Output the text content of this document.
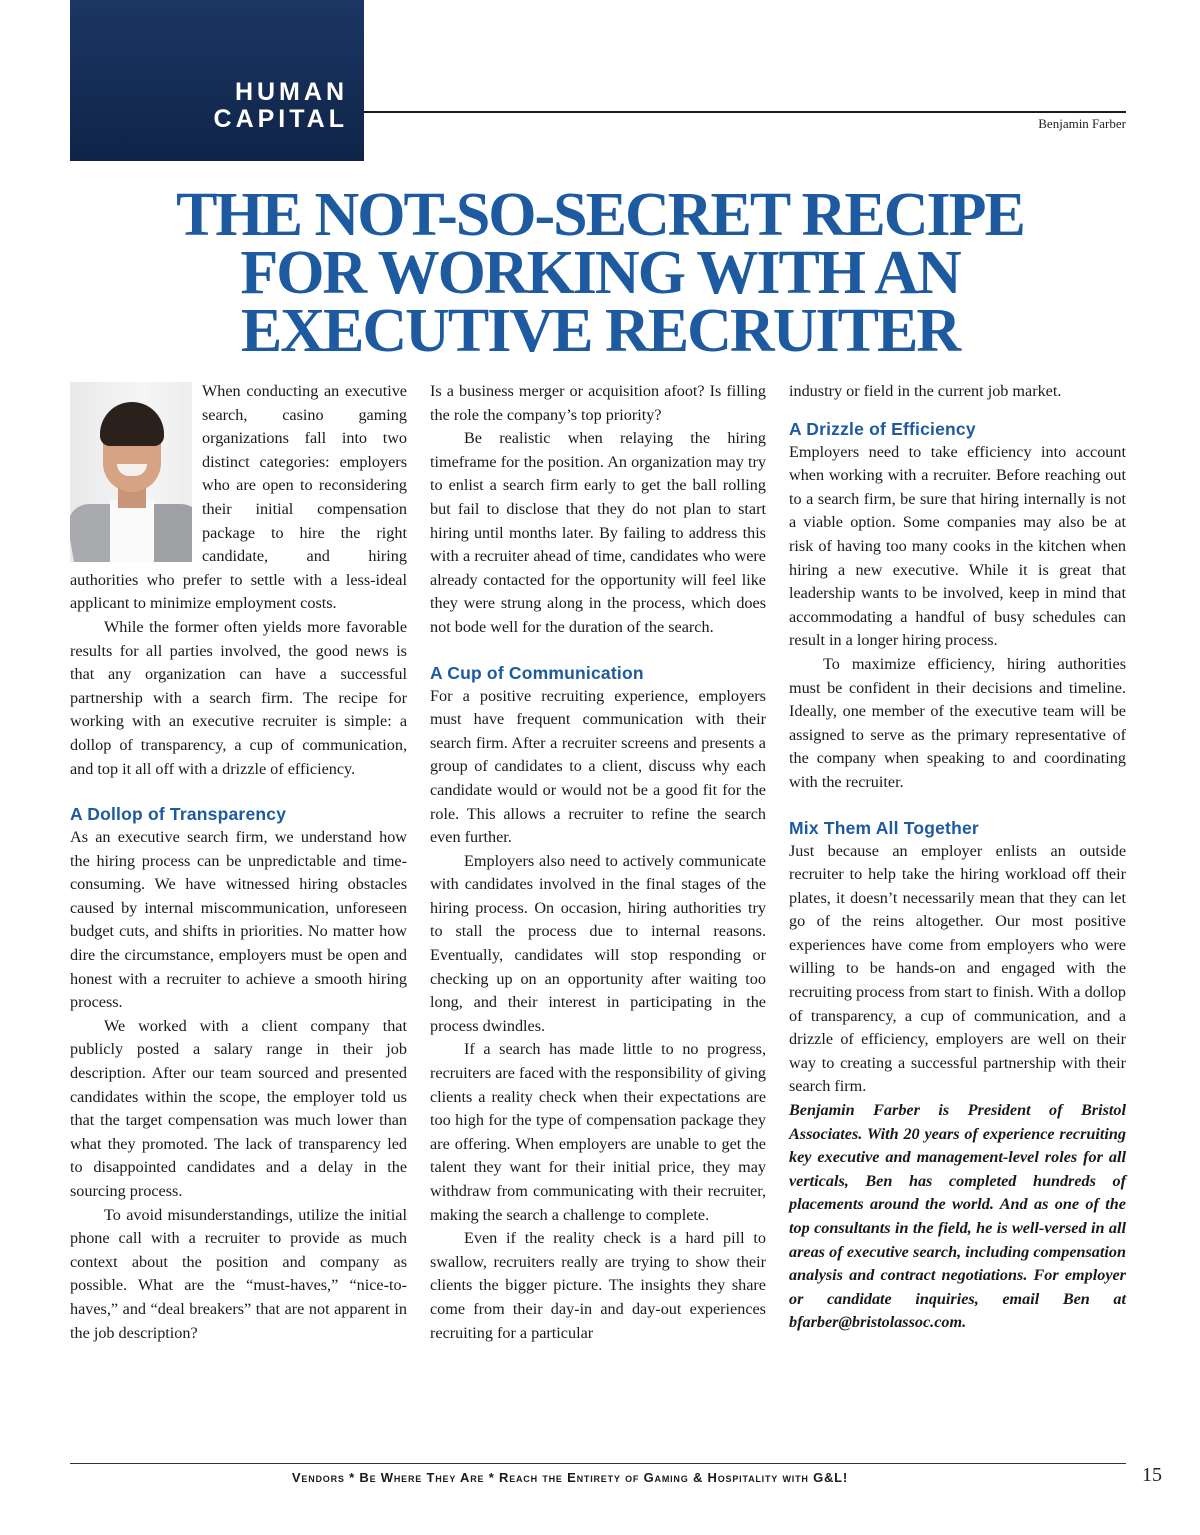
HUMAN
CAPITAL	Benjamin Farber
THE NOT-SO-SECRET RECIPE
FOR WORKING WITH AN
EXECUTIVE RECRUITER

When conducting an executive search, casino gaming organizations fall into two distinct categories: employers who are open to reconsidering their initial compensation package to hire the right candidate, and hiring authorities who prefer to settle with a less-ideal applicant to minimize employment costs.

While the former often yields more favorable results for all parties involved, the good news is that any organization can have a successful partnership with a search firm. The recipe for working with an executive recruiter is simple: a dollop of transparency, a cup of communication, and top it all off with a drizzle of efficiency.

A Dollop of Transparency

As an executive search firm, we understand how the hiring process can be unpredictable and time-consuming. We have witnessed hiring obstacles caused by internal miscommunication, unforeseen budget cuts, and shifts in priorities. No matter how dire the circumstance, employers must be open and honest with a recruiter to achieve a smooth hiring process.

We worked with a client company that publicly posted a salary range in their job description. After our team sourced and presented candidates within the scope, the employer told us that the target compensation was much lower than what they promoted. The lack of transparency led to disappointed candidates and a delay in the sourcing process.

To avoid misunderstandings, utilize the initial phone call with a recruiter to provide as much context about the position and company as possible. What are the “must-haves,” “nice-to-haves,” and “deal breakers” that are not apparent in the job description?

Is a business merger or acquisition afoot? Is filling the role the company’s top priority?

Be realistic when relaying the hiring timeframe for the position. An organization may try to enlist a search firm early to get the ball rolling but fail to disclose that they do not plan to start hiring until months later. By failing to address this with a recruiter ahead of time, candidates who were already contacted for the opportunity will feel like they were strung along in the process, which does not bode well for the duration of the search.

A Cup of Communication

For a positive recruiting experience, employers must have frequent communication with their search firm. After a recruiter screens and presents a group of candidates to a client, discuss why each candidate would or would not be a good fit for the role. This allows a recruiter to refine the search even further.

Employers also need to actively communicate with candidates involved in the final stages of the hiring process. On occasion, hiring authorities try to stall the process due to internal reasons. Eventually, candidates will stop responding or checking up on an opportunity after waiting too long, and their interest in participating in the process dwindles.

If a search has made little to no progress, recruiters are faced with the responsibility of giving clients a reality check when their expectations are too high for the type of compensation package they are offering. When employers are unable to get the talent they want for their initial price, they may withdraw from communicating with their recruiter, making the search a challenge to complete.

Even if the reality check is a hard pill to swallow, recruiters really are trying to show their clients the bigger picture. The insights they share come from their day-in and day-out experiences recruiting for a particular

industry or field in the current job market.

A Drizzle of Efficiency

Employers need to take efficiency into account when working with a recruiter. Before reaching out to a search firm, be sure that hiring internally is not a viable option. Some companies may also be at risk of having too many cooks in the kitchen when hiring a new executive. While it is great that leadership wants to be involved, keep in mind that accommodating a handful of busy schedules can result in a longer hiring process.

To maximize efficiency, hiring authorities must be confident in their decisions and timeline. Ideally, one member of the executive team will be assigned to serve as the primary representative of the company when speaking to and coordinating with the recruiter.

Mix Them All Together

Just because an employer enlists an outside recruiter to help take the hiring workload off their plates, it doesn’t necessarily mean that they can let go of the reins altogether. Our most positive experiences have come from employers who were willing to be hands-on and engaged with the recruiting process from start to finish. With a dollop of transparency, a cup of communication, and a drizzle of efficiency, employers are well on their way to creating a successful partnership with their search firm.

Benjamin Farber is President of Bristol Associates. With 20 years of experience recruiting key executive and management-level roles for all verticals, Ben has completed hundreds of placements around the world. And as one of the top consultants in the field, he is well-versed in all areas of executive search, including compensation analysis and contract negotiations. For employer or candidate inquiries, email Ben at bfarber@bristolassoc.com.

Vendors * Be Where They Are * Reach the Entirety of Gaming & Hospitality with G&L!	15
